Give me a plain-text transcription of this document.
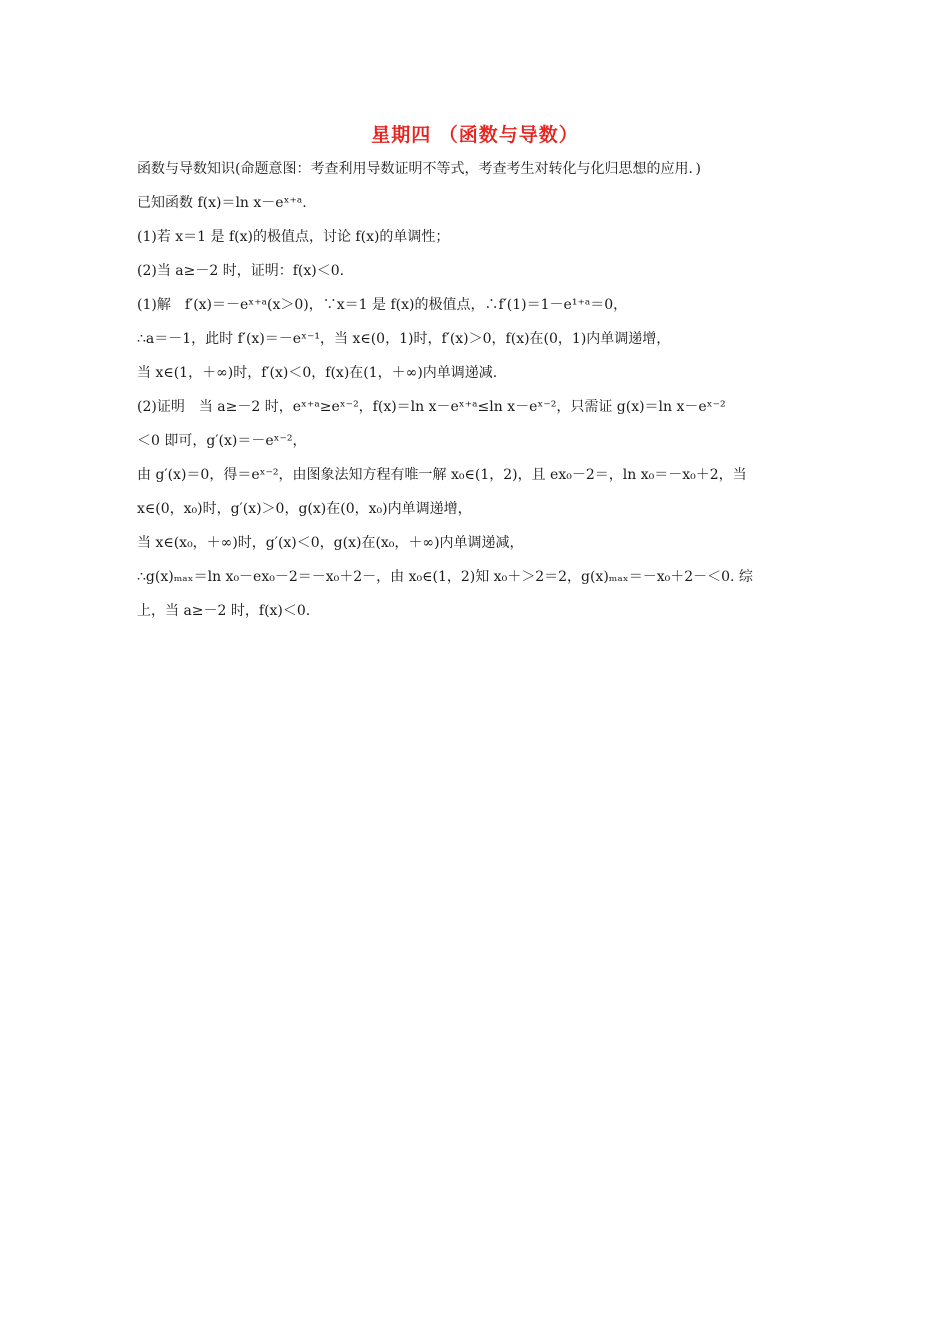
星期四 （函数与导数）
函数与导数知识(命题意图：考查利用导数证明不等式，考查考生对转化与化归思想的应用．)
已知函数 f(x)＝ln x－eˣ⁺ᵃ.
(1)若 x＝1 是 f(x)的极值点，讨论 f(x)的单调性；
(2)当 a≥－2 时，证明：f(x)＜0.
(1)解　f′(x)＝－eˣ⁺ᵃ(x＞0)，∵x＝1 是 f(x)的极值点，∴f′(1)＝1－e¹⁺ᵃ＝0，
∴a＝－1，此时 f′(x)＝－eˣ⁻¹，当 x∈(0，1)时，f′(x)＞0，f(x)在(0，1)内单调递增，
当 x∈(1，＋∞)时，f′(x)＜0，f(x)在(1，＋∞)内单调递减.
(2)证明　当 a≥－2 时，eˣ⁺ᵃ≥eˣ⁻²，f(x)＝ln x－eˣ⁺ᵃ≤ln x－eˣ⁻²，只需证 g(x)＝ln x－eˣ⁻²
＜0 即可，g′(x)＝－eˣ⁻²，
由 g′(x)＝0，得＝eˣ⁻²，由图象法知方程有唯一解 x₀∈(1，2)，且 ex₀－2＝，ln x₀＝－x₀＋2，当
x∈(0，x₀)时，g′(x)＞0，g(x)在(0，x₀)内单调递增，
当 x∈(x₀，＋∞)时，g′(x)＜0，g(x)在(x₀，＋∞)内单调递减，
∴g(x)ₘₐₓ＝ln x₀－ex₀－2＝－x₀＋2－，由 x₀∈(1，2)知 x₀＋＞2＝2，g(x)ₘₐₓ＝－x₀＋2－＜0. 综
上，当 a≥－2 时，f(x)＜0.
